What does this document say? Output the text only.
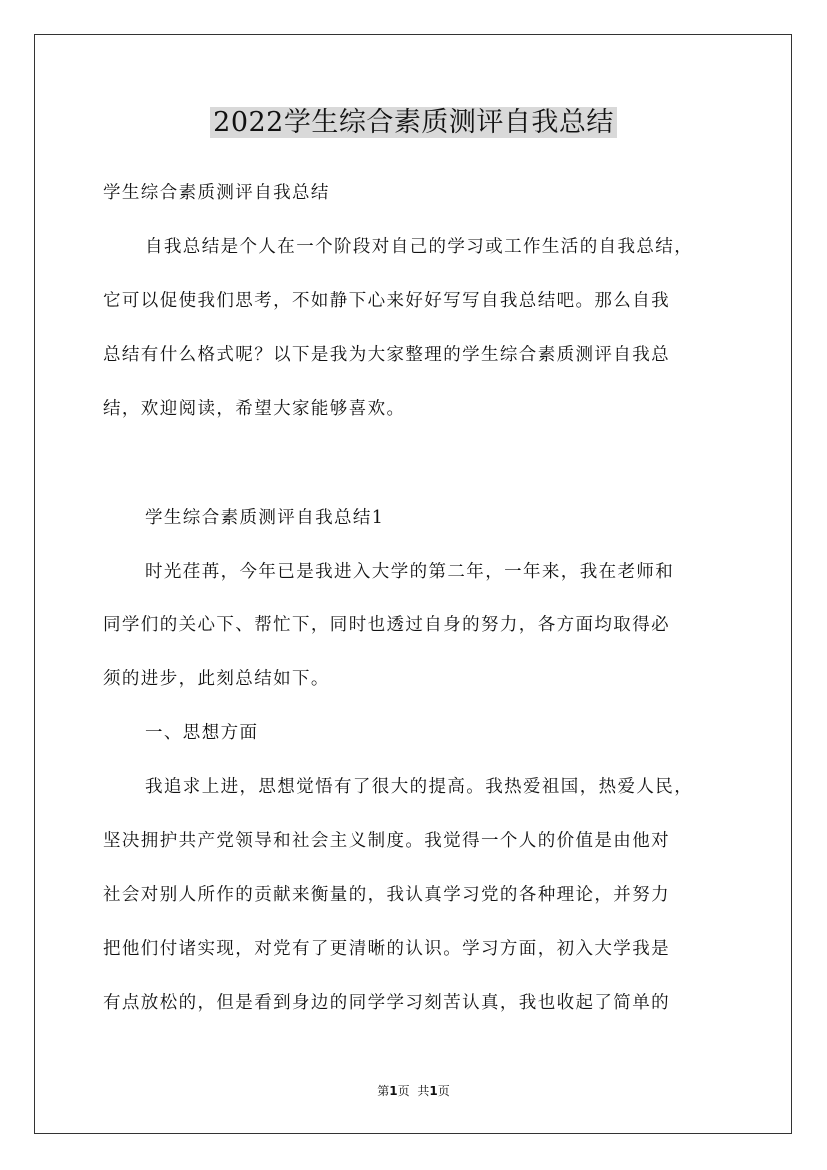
2022学生综合素质测评自我总结
学生综合素质测评自我总结
自我总结是个人在一个阶段对自己的学习或工作生活的自我总结，
它可以促使我们思考，不如静下心来好好写写自我总结吧。那么自我
总结有什么格式呢？以下是我为大家整理的学生综合素质测评自我总
结，欢迎阅读，希望大家能够喜欢。
学生综合素质测评自我总结1
时光荏苒，今年已是我进入大学的第二年，一年来，我在老师和
同学们的关心下、帮忙下，同时也透过自身的努力，各方面均取得必
须的进步，此刻总结如下。
一、思想方面
我追求上进，思想觉悟有了很大的提高。我热爱祖国，热爱人民，
坚决拥护共产党领导和社会主义制度。我觉得一个人的价值是由他对
社会对别人所作的贡献来衡量的，我认真学习党的各种理论，并努力
把他们付诸实现，对党有了更清晰的认识。学习方面，初入大学我是
有点放松的，但是看到身边的同学学习刻苦认真，我也收起了简单的
第1页 共1页
